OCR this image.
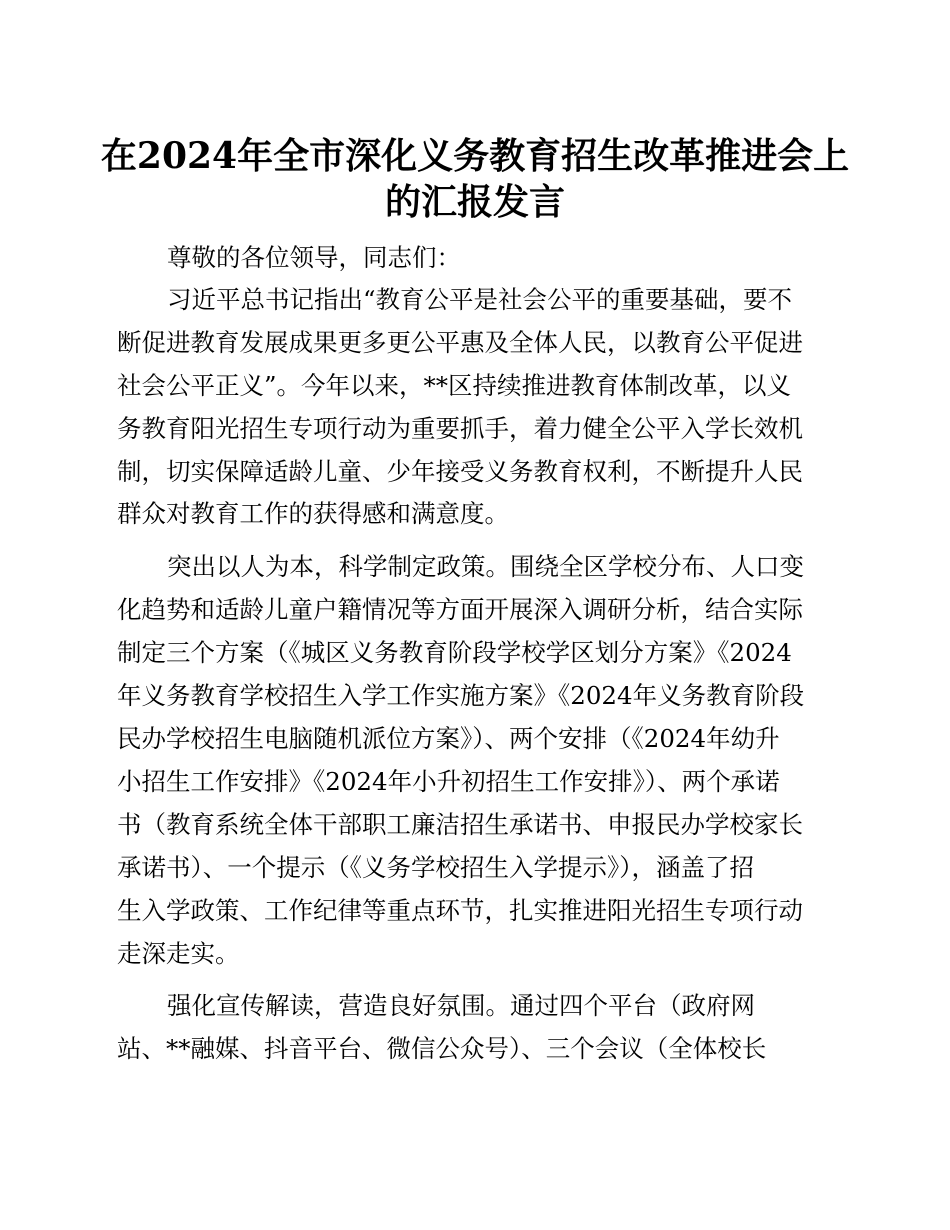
在2024年全市深化义务教育招生改革推进会上
的汇报发言

尊敬的各位领导，同志们：

习近平总书记指出“教育公平是社会公平的重要基础，要不

断促进教育发展成果更多更公平惠及全体人民，以教育公平促进

社会公平正义”。今年以来，**区持续推进教育体制改革，以义

务教育阳光招生专项行动为重要抓手，着力健全公平入学长效机

制，切实保障适龄儿童、少年接受义务教育权利，不断提升人民

群众对教育工作的获得感和满意度。

突出以人为本，科学制定政策。围绕全区学校分布、人口变

化趋势和适龄儿童户籍情况等方面开展深入调研分析，结合实际

制定三个方案（《城区义务教育阶段学校学区划分方案》《2024

年义务教育学校招生入学工作实施方案》《2024年义务教育阶段

民办学校招生电脑随机派位方案》）、两个安排（《2024年幼升

小招生工作安排》《2024年小升初招生工作安排》）、两个承诺

书（教育系统全体干部职工廉洁招生承诺书、申报民办学校家长

承诺书）、一个提示（《义务学校招生入学提示》），涵盖了招

生入学政策、工作纪律等重点环节，扎实推进阳光招生专项行动

走深走实。

强化宣传解读，营造良好氛围。通过四个平台（政府网

站、**融媒、抖音平台、微信公众号）、三个会议（全体校长
